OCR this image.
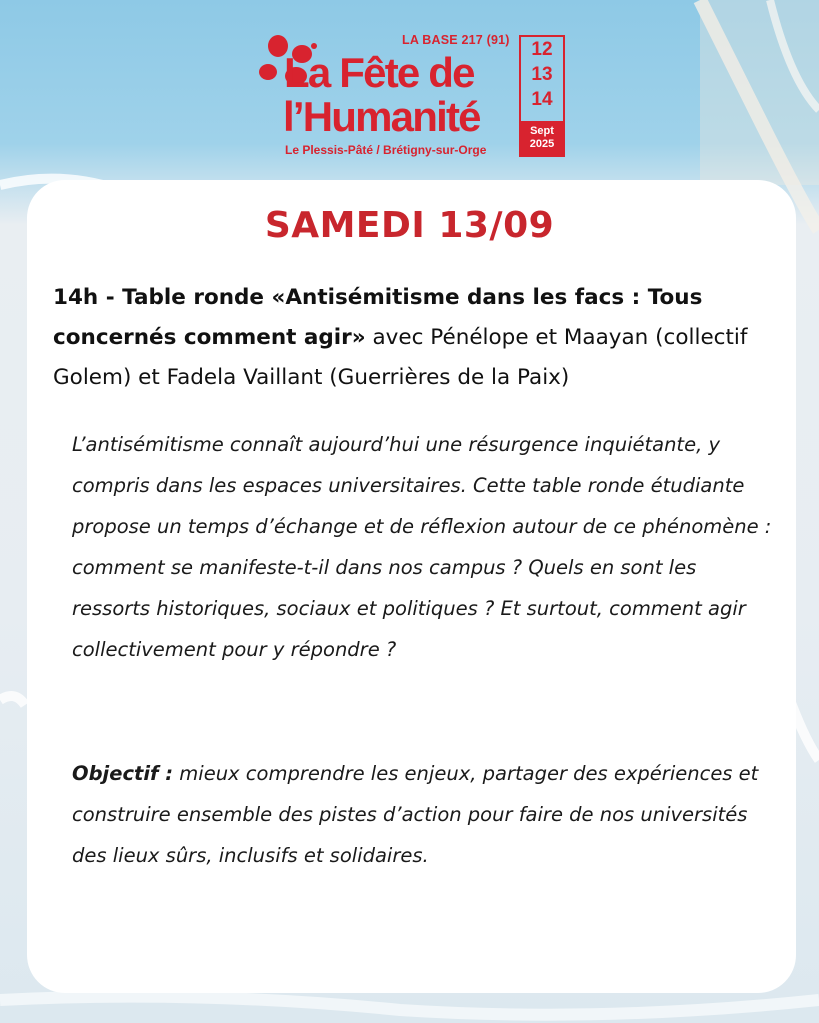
LA BASE 217 (91)
La Fête de
l’Humanité
Le Plessis-Pâté / Brétigny-sur-Orge
12
13
14
Sept
2025
SAMEDI 13/09
14h - Table ronde «Antisémitisme dans les facs : Tous concernés comment agir» avec Pénélope et Maayan (collectif Golem) et Fadela Vaillant (Guerrières de la Paix)
L’antisémitisme connaît aujourd’hui une résurgence inquiétante, y compris dans les espaces universitaires. Cette table ronde étudiante propose un temps d’échange et de réflexion autour de ce phénomène : comment se manifeste-t-il dans nos campus ? Quels en sont les ressorts historiques, sociaux et politiques ? Et surtout, comment agir collectivement pour y répondre ?
Objectif : mieux comprendre les enjeux, partager des expériences et construire ensemble des pistes d’action pour faire de nos universités des lieux sûrs, inclusifs et solidaires.
